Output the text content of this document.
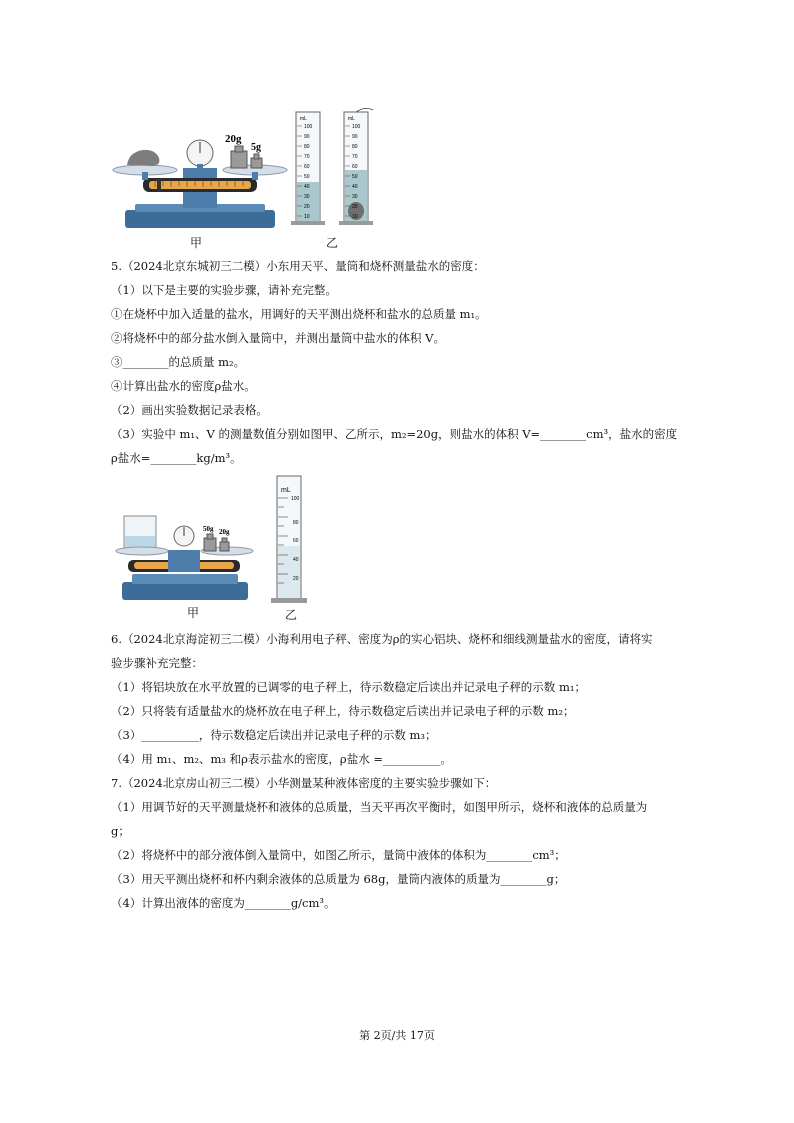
20g
5g
mL	mL
100
90
80
70
60
50
40
30
20
10
100
90
80
70
60
50
40
30
20
10
甲	乙
5.（2024北京东城初三二模）小东用天平、量筒和烧杯测量盐水的密度：
（1）以下是主要的实验步骤，请补充完整。
①在烧杯中加入适量的盐水，用调好的天平测出烧杯和盐水的总质量 m₁。
②将烧杯中的部分盐水倒入量筒中，并测出量筒中盐水的体积 V。
③________的总质量 m₂。
④计算出盐水的密度ρ盐水。
（2）画出实验数据记录表格。
（3）实验中 m₁、V 的测量数值分别如图甲、乙所示，m₂=20g，则盐水的体积 V=________cm³，盐水的密度
ρ盐水=________kg/m³。
50g 20g
mL
100
80
60
40
20
甲	乙
6.（2024北京海淀初三二模）小海利用电子秤、密度为ρ的实心铝块、烧杯和细线测量盐水的密度，请将实
验步骤补充完整：
（1）将铝块放在水平放置的已调零的电子秤上，待示数稳定后读出并记录电子秤的示数 m₁；
（2）只将装有适量盐水的烧杯放在电子秤上，待示数稳定后读出并记录电子秤的示数 m₂；
（3）__________，待示数稳定后读出并记录电子秤的示数 m₃；
（4）用 m₁、m₂、m₃ 和ρ表示盐水的密度，ρ盐水 =__________。
7.（2024北京房山初三二模）小华测量某种液体密度的主要实验步骤如下：
（1）用调节好的天平测量烧杯和液体的总质量，当天平再次平衡时，如图甲所示，烧杯和液体的总质量为
g；
（2）将烧杯中的部分液体倒入量筒中，如图乙所示，量筒中液体的体积为________cm³；
（3）用天平测出烧杯和杯内剩余液体的总质量为 68g，量筒内液体的质量为________g；
（4）计算出液体的密度为________g/cm³。
第 2页/共 17页
